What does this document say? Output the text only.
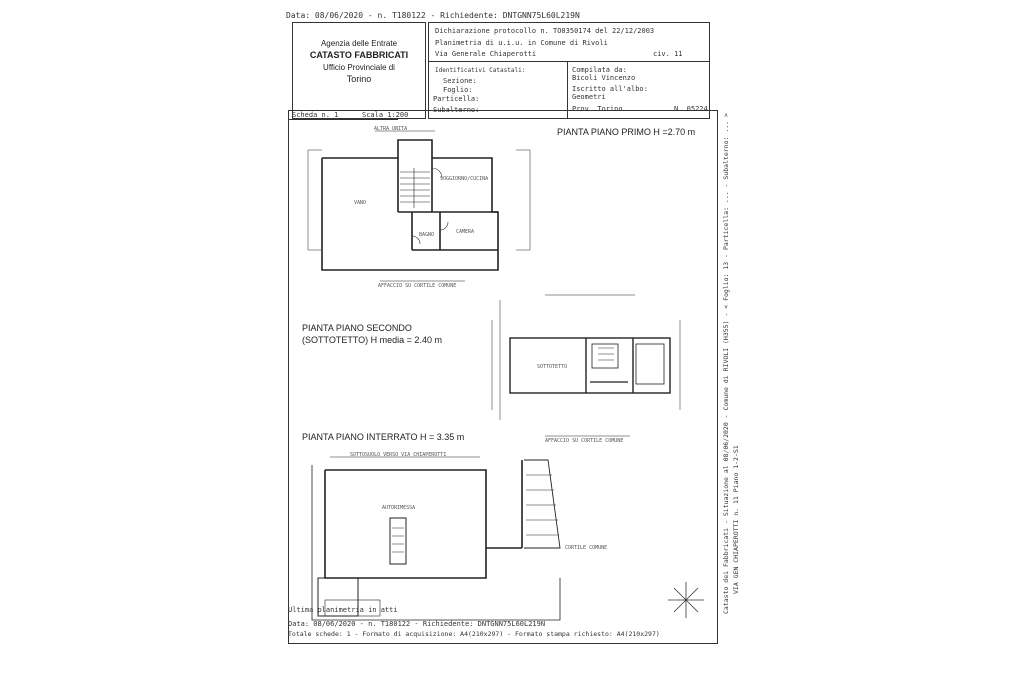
Data: 08/06/2020 - n. T180122 - Richiedente: DNTGNN75L60L219N
Agenzia delle Entrate
CATASTO FABBRICATI
Ufficio Provinciale di
Torino
Dichiarazione protocollo n. TO0350174 del 22/12/2003
Planimetria di u.i.u. in Comune di Rivoli
Via Generale Chiaperotti	civ. 11
Identificativi Catastali:
Sezione:
Foglio:
Particella:
Subalterno:
Compilata da:
Bicoli Vincenzo
Iscritto all'albo:
Geometri
Prov. Torino	N. 05224
Scheda n. 1	Scala 1:200
PIANTA PIANO PRIMO H =2.70 m
PIANTA PIANO SECONDO
(SOTTOTETTO) H media = 2.40 m
PIANTA PIANO INTERRATO H = 3.35 m
ALTRA UNITA
VANO
SOGGIORNO/CUCINA
BAGNO	CAMERA
AFFACCIO SU CORTILE COMUNE
SOTTOTETTO
AFFACCIO SU CORTILE COMUNE
SOTTOSUOLO VERSO VIA CHIAPEROTTI
AUTORIMESSA
CORTILE COMUNE
Ultima planimetria in atti
Data: 08/06/2020 - n. T180122 - Richiedente: DNTGNN75L60L219N
Totale schede: 1 - Formato di acquisizione: A4(210x297) - Formato stampa richiesto: A4(210x297)
Catasto dei Fabbricati - Situazione al 08/06/2020 - Comune di RIVOLI (H355) - < Foglio: 13 - Particella: ... - Subalterno: ... > VIA GEN CHIAPEROTTI n. 11 Piano 1-2-S1
